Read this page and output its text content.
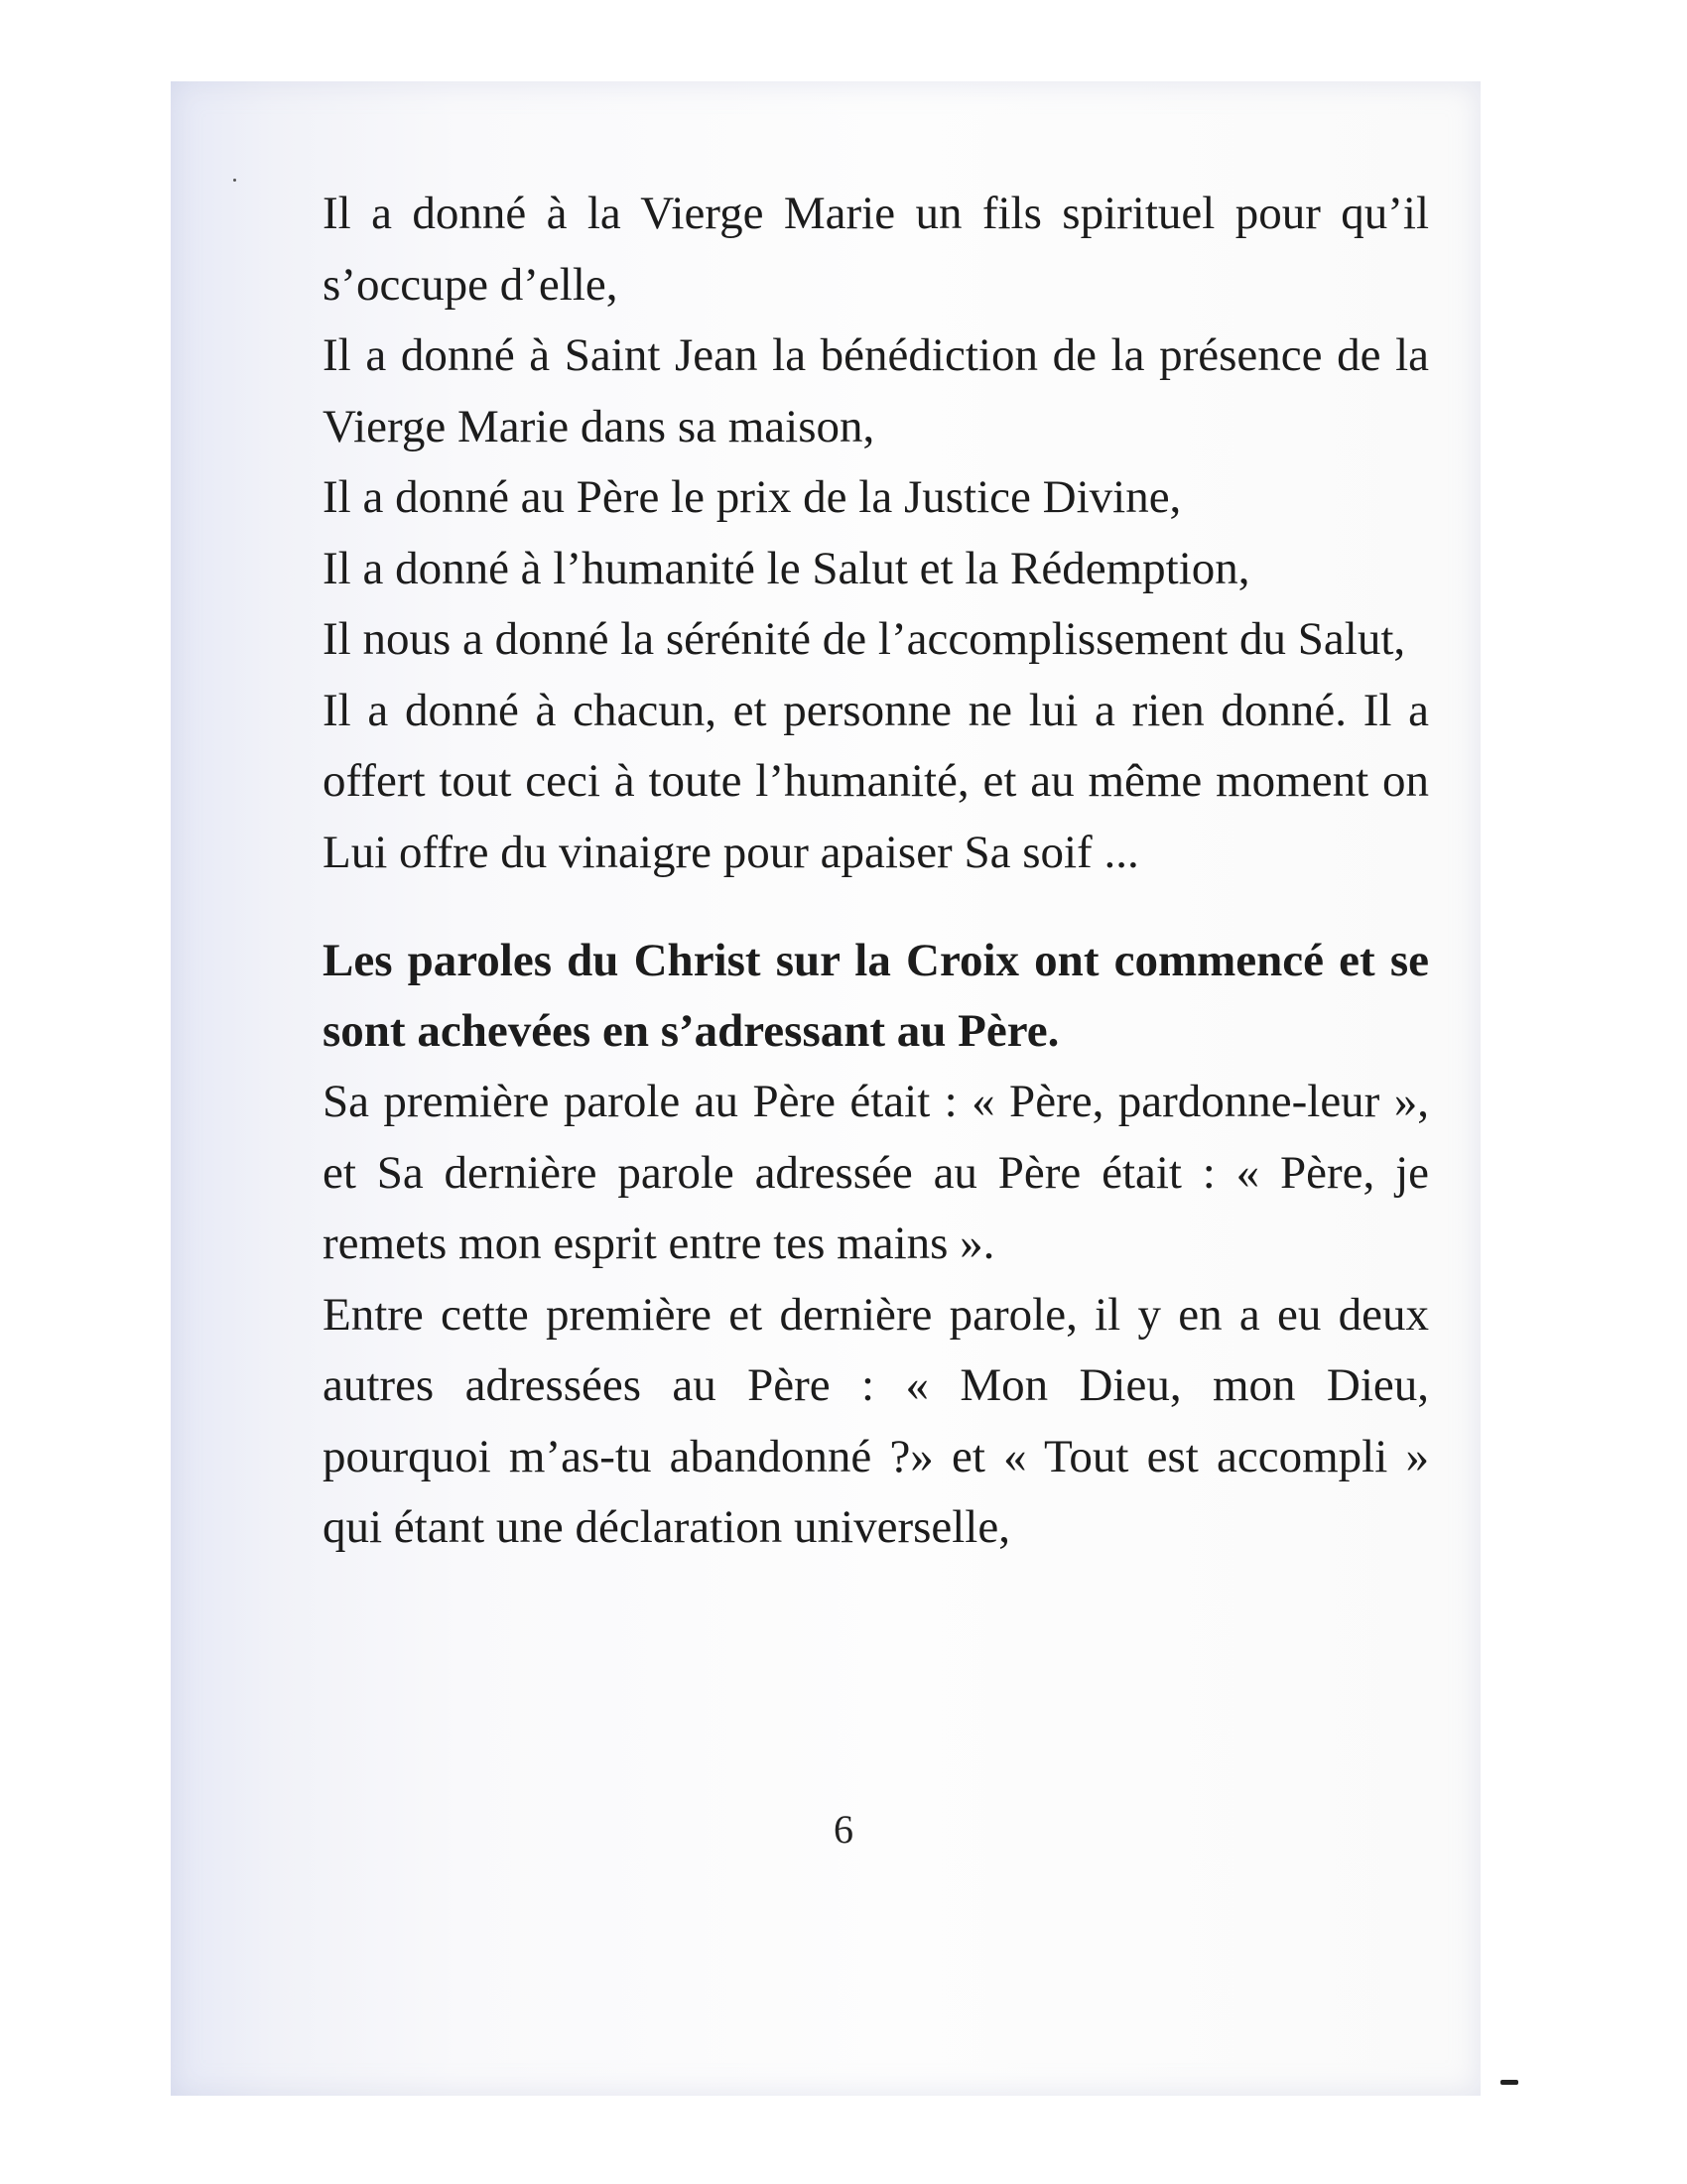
Il a donné à la Vierge Marie un fils spirituel pour qu’il s’occupe d’elle,

Il a donné à Saint Jean la bénédiction de la présence de la Vierge Marie dans sa maison,

Il a donné au Père le prix de la Justice Divine,

Il a donné à l’humanité le Salut et la Rédemption,

Il nous a donné la sérénité de l’accomplissement du Salut,

Il a donné à chacun, et personne ne lui a rien donné. Il a offert tout ceci à toute l’humanité, et au même moment on Lui offre du vinaigre pour apaiser Sa soif ...

Les paroles du Christ sur la Croix ont commencé et se sont achevées en s’adressant au Père.

Sa première parole au Père était : « Père, pardonne-leur », et Sa dernière parole adressée au Père était : « Père, je remets mon esprit entre tes mains ».

Entre cette première et dernière parole, il y en a eu deux autres adressées au Père : « Mon Dieu, mon Dieu, pourquoi m’as-tu abandonné ?» et « Tout est accompli » qui étant une déclaration universelle,

6
